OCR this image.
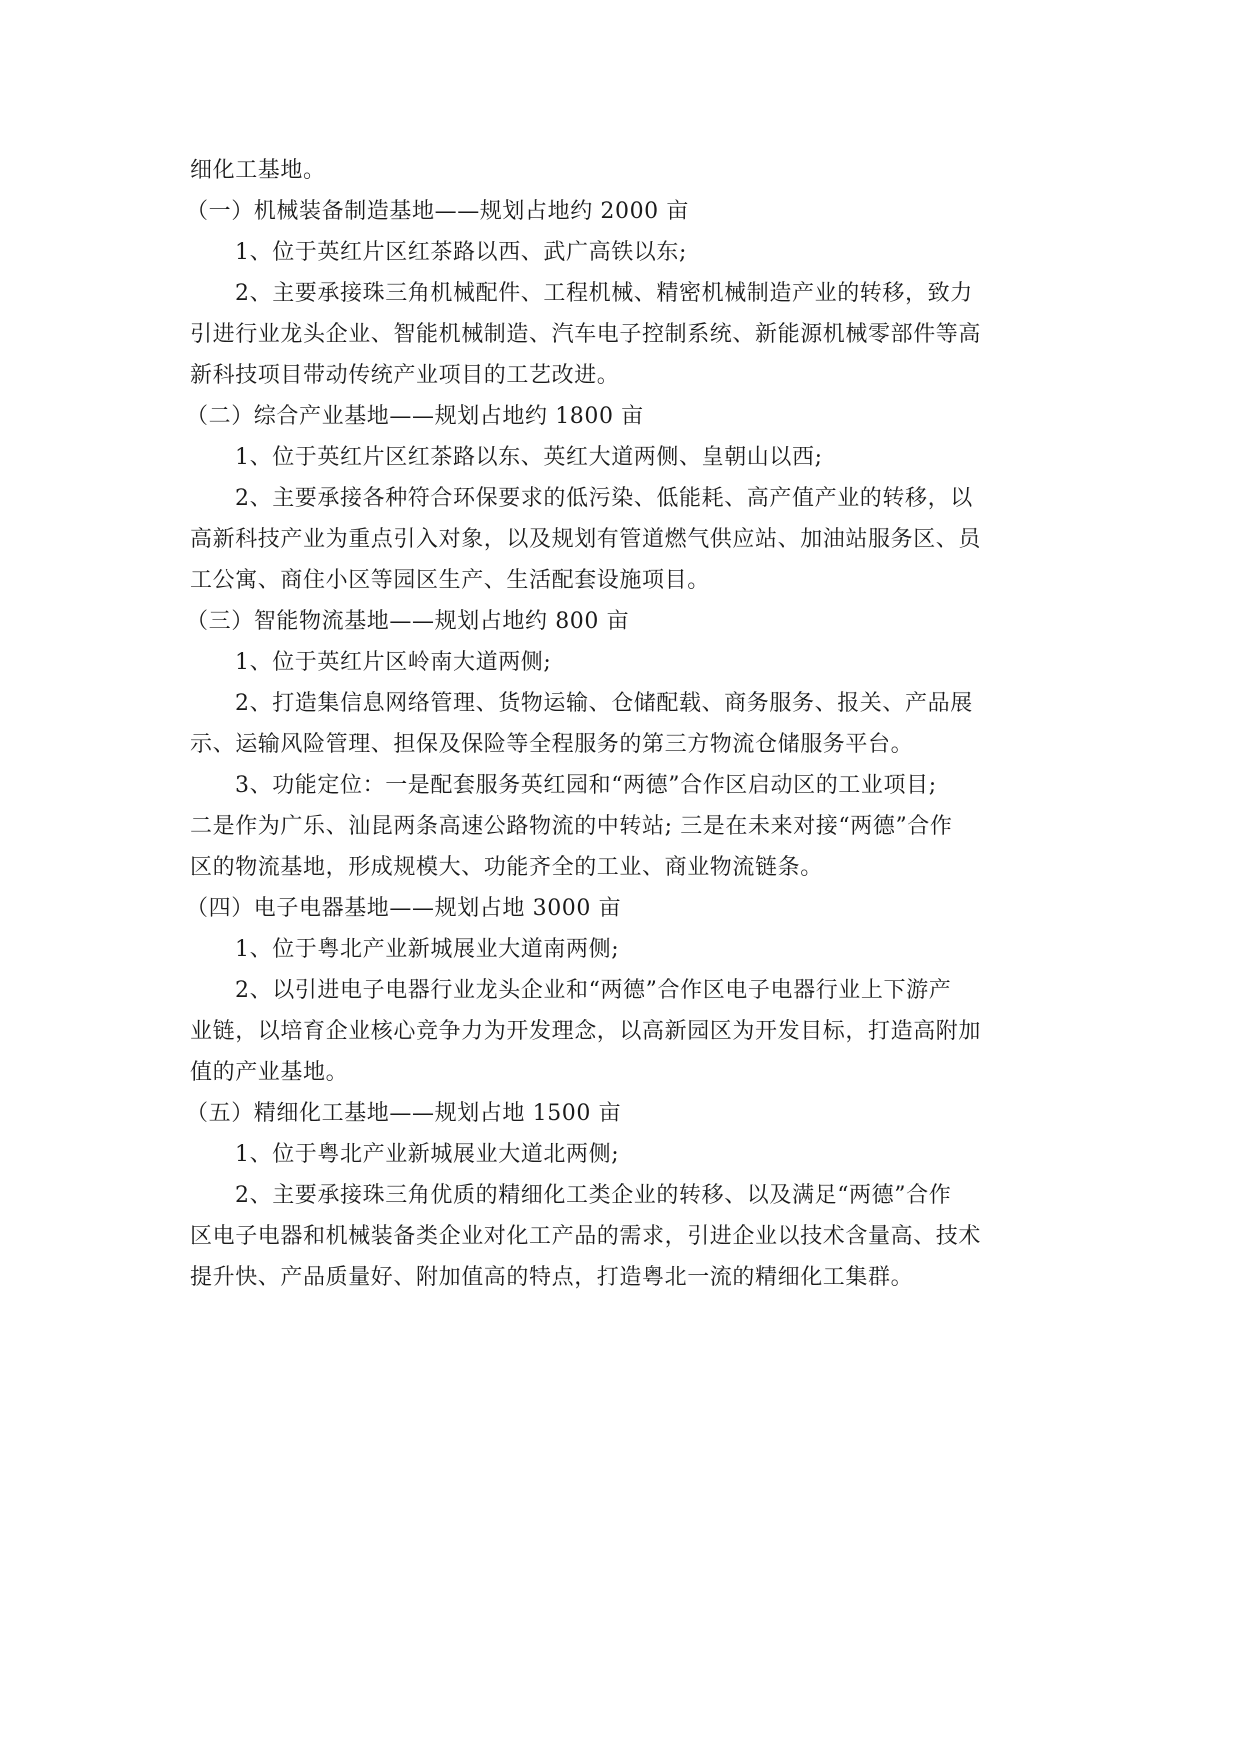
细化工基地。
（一）机械装备制造基地——规划占地约 2000 亩
1、位于英红片区红茶路以西、武广高铁以东;
2、主要承接珠三角机械配件、工程机械、精密机械制造产业的转移，致力
引进行业龙头企业、智能机械制造、汽车电子控制系统、新能源机械零部件等高
新科技项目带动传统产业项目的工艺改进。
（二）综合产业基地——规划占地约 1800 亩
1、位于英红片区红茶路以东、英红大道两侧、皇朝山以西;
2、主要承接各种符合环保要求的低污染、低能耗、高产值产业的转移，以
高新科技产业为重点引入对象，以及规划有管道燃气供应站、加油站服务区、员
工公寓、商住小区等园区生产、生活配套设施项目。
（三）智能物流基地——规划占地约 800 亩
1、位于英红片区岭南大道两侧;
2、打造集信息网络管理、货物运输、仓储配载、商务服务、报关、产品展
示、运输风险管理、担保及保险等全程服务的第三方物流仓储服务平台。
3、功能定位：一是配套服务英红园和“两德”合作区启动区的工业项目;
二是作为广乐、汕昆两条高速公路物流的中转站; 三是在未来对接“两德”合作
区的物流基地，形成规模大、功能齐全的工业、商业物流链条。
（四）电子电器基地——规划占地 3000 亩
1、位于粤北产业新城展业大道南两侧;
2、以引进电子电器行业龙头企业和“两德”合作区电子电器行业上下游产
业链，以培育企业核心竞争力为开发理念，以高新园区为开发目标，打造高附加
值的产业基地。
（五）精细化工基地——规划占地 1500 亩
1、位于粤北产业新城展业大道北两侧;
2、主要承接珠三角优质的精细化工类企业的转移、以及满足“两德”合作
区电子电器和机械装备类企业对化工产品的需求，引进企业以技术含量高、技术
提升快、产品质量好、附加值高的特点，打造粤北一流的精细化工集群。
